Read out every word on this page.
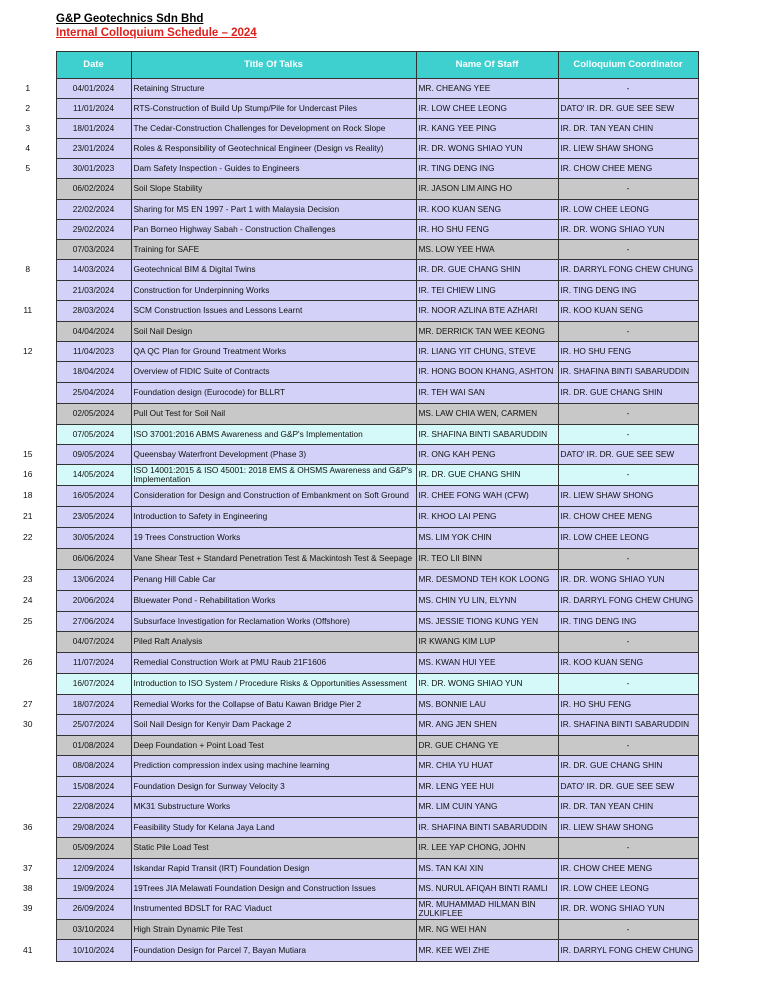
G&P Geotechnics Sdn Bhd
Internal Colloquium Schedule – 2024
	Date	Title Of Talks	Name Of Staff	Colloquium Coordinator
1	04/01/2024	Retaining Structure	MR. CHEANG YEE	-
2	11/01/2024	RTS-Construction of Build Up Stump/Pile for Undercast Piles	IR. LOW CHEE LEONG	DATO' IR. DR. GUE SEE SEW
3	18/01/2024	The Cedar-Construction Challenges for Development on Rock Slope	IR. KANG YEE PING	IR. DR. TAN YEAN CHIN
4	23/01/2024	Roles & Responsibility of Geotechnical Engineer (Design vs Reality)	IR. DR. WONG SHIAO YUN	IR. LIEW SHAW SHONG
5	30/01/2023	Dam Safety Inspection - Guides to Engineers	IR. TING DENG ING	IR. CHOW CHEE MENG
	06/02/2024	Soil Slope Stability	IR. JASON LIM AING HO	-
	22/02/2024	Sharing for MS EN 1997 - Part 1 with Malaysia Decision	IR. KOO KUAN SENG	IR. LOW CHEE LEONG
	29/02/2024	Pan Borneo Highway Sabah - Construction Challenges	IR. HO SHU FENG	IR. DR. WONG SHIAO YUN
	07/03/2024	Training for SAFE	MS. LOW YEE HWA	-
8	14/03/2024	Geotechnical BIM & Digital Twins	IR. DR. GUE CHANG SHIN	IR. DARRYL FONG CHEW CHUNG
	21/03/2024	Construction for Underpinning Works	IR. TEI CHIEW LING	IR. TING DENG ING
11	28/03/2024	SCM Construction Issues and Lessons Learnt	IR. NOOR AZLINA BTE AZHARI	IR. KOO KUAN SENG
	04/04/2024	Soil Nail Design	MR. DERRICK TAN WEE KEONG	-
12	11/04/2023	QA QC Plan for Ground Treatment Works	IR. LIANG YIT CHUNG, STEVE	IR. HO SHU FENG
	18/04/2024	Overview of FIDIC Suite of Contracts	IR. HONG BOON KHANG, ASHTON	IR. SHAFINA BINTI SABARUDDIN
	25/04/2024	Foundation design (Eurocode) for BLLRT	IR. TEH WAI SAN	IR. DR. GUE CHANG SHIN
	02/05/2024	Pull Out Test for Soil Nail	MS. LAW CHIA WEN, CARMEN	-
	07/05/2024	ISO 37001:2016 ABMS Awareness and G&P's Implementation	IR. SHAFINA BINTI SABARUDDIN	-
15	09/05/2024	Queensbay Waterfront Development (Phase 3)	IR. ONG KAH PENG	DATO' IR. DR. GUE SEE SEW
16	14/05/2024	ISO 14001:2015 & ISO 45001: 2018 EMS & OHSMS Awareness and G&P's Implementation	IR. DR. GUE CHANG SHIN	-
18	16/05/2024	Consideration for Design and Construction of Embankment on Soft Ground	IR. CHEE FONG WAH (CFW)	IR. LIEW SHAW SHONG
21	23/05/2024	Introduction to Safety in Engineering	IR. KHOO LAI PENG	IR. CHOW CHEE MENG
22	30/05/2024	19 Trees Construction Works	MS. LIM YOK CHIN	IR. LOW CHEE LEONG
	06/06/2024	Vane Shear Test + Standard Penetration Test & Mackintosh Test & Seepage	IR. TEO LII BINN	-
23	13/06/2024	Penang Hill Cable Car	MR. DESMOND TEH KOK LOONG	IR. DR. WONG SHIAO YUN
24	20/06/2024	Bluewater Pond - Rehabilitation Works	MS. CHIN YU LIN, ELYNN	IR. DARRYL FONG CHEW CHUNG
25	27/06/2024	Subsurface Investigation for Reclamation Works (Offshore)	MS. JESSIE TIONG KUNG YEN	IR. TING DENG ING
	04/07/2024	Piled Raft Analysis	IR KWANG KIM LUP	-
26	11/07/2024	Remedial Construction Work at PMU Raub 21F1606	MS. KWAN HUI YEE	IR. KOO KUAN SENG
	16/07/2024	Introduction to ISO System / Procedure Risks & Opportunities Assessment	IR. DR. WONG SHIAO YUN	-
27	18/07/2024	Remedial Works for the Collapse of Batu Kawan Bridge Pier 2	MS. BONNIE LAU	IR. HO SHU FENG
30	25/07/2024	Soil Nail Design for Kenyir Dam Package 2	MR. ANG JEN SHEN	IR. SHAFINA BINTI SABARUDDIN
	01/08/2024	Deep Foundation + Point Load Test	DR. GUE CHANG YE	-
	08/08/2024	Prediction compression index using machine learning	MR. CHIA YU HUAT	IR. DR. GUE CHANG SHIN
	15/08/2024	Foundation Design for Sunway Velocity 3	MR. LENG YEE HUI	DATO' IR. DR. GUE SEE SEW
	22/08/2024	MK31 Substructure Works	MR. LIM CUIN YANG	IR. DR. TAN YEAN CHIN
36	29/08/2024	Feasibility Study for Kelana Jaya Land	IR. SHAFINA BINTI SABARUDDIN	IR. LIEW SHAW SHONG
	05/09/2024	Static Pile Load Test	IR. LEE YAP CHONG, JOHN	-
37	12/09/2024	Iskandar Rapid Transit (IRT) Foundation Design	MS. TAN KAI XIN	IR. CHOW CHEE MENG
38	19/09/2024	19Trees JIA Melawati Foundation Design and Construction Issues	MS. NURUL AFIQAH BINTI RAMLI	IR. LOW CHEE LEONG
39	26/09/2024	Instrumented BDSLT for RAC Viaduct	MR. MUHAMMAD HILMAN BIN ZULKIFLEE	IR. DR. WONG SHIAO YUN
	03/10/2024	High Strain Dynamic Pile Test	MR. NG WEI HAN	-
41	10/10/2024	Foundation Design for Parcel 7, Bayan Mutiara	MR. KEE WEI ZHE	IR. DARRYL FONG CHEW CHUNG
